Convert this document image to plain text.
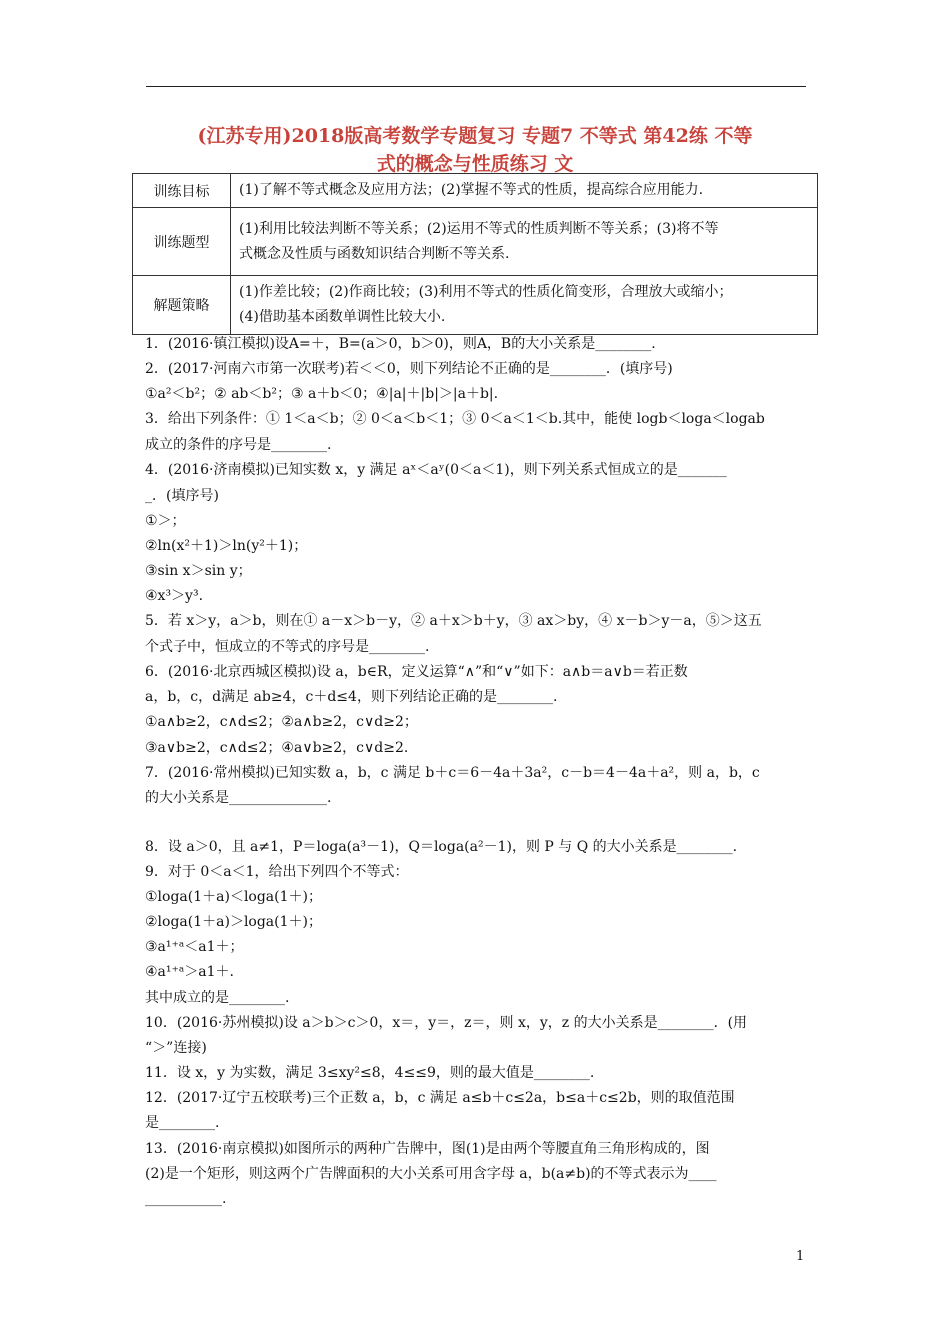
(江苏专用)2018版高考数学专题复习 专题7 不等式 第42练 不等
式的概念与性质练习 文
训练目标	(1)了解不等式概念及应用方法；(2)掌握不等式的性质，提高综合应用能力.

训练题型	(1)利用比较法判断不等关系；(2)运用不等式的性质判断不等关系；(3)将不等
式概念及性质与函数知识结合判断不等关系.

解题策略	(1)作差比较；(2)作商比较；(3)利用不等式的性质化简变形，合理放大或缩小；
(4)借助基本函数单调性比较大小.
1．(2016·镇江模拟)设A=＋，B=(a＞0，b＞0)，则A，B的大小关系是________.
2．(2017·河南六市第一次联考)若＜＜0，则下列结论不正确的是________．(填序号)
①a²＜b²；② ab＜b²；③ a＋b＜0；④|a|＋|b|＞|a＋b|.
3．给出下列条件：① 1＜a＜b；② 0＜a＜b＜1；③ 0＜a＜1＜b.其中，能使 logb＜loga＜logab
成立的条件的序号是________.
4．(2016·济南模拟)已知实数 x，y 满足 aˣ＜aʸ(0＜a＜1)，则下列关系式恒成立的是_______
_．(填序号)
①＞；
②ln(x²＋1)＞ln(y²＋1)；
③sin x＞sin y；
④x³＞y³.
5．若 x＞y，a＞b，则在① a－x＞b－y，② a＋x＞b＋y，③ ax＞by，④ x－b＞y－a，⑤＞这五
个式子中，恒成立的不等式的序号是________.
6．(2016·北京西城区模拟)设 a，b∈R，定义运算“∧”和“∨”如下：a∧b＝a∨b＝若正数
a，b，c，d满足 ab≥4，c＋d≤4，则下列结论正确的是________.
①a∧b≥2，c∧d≤2；②a∧b≥2，c∨d≥2；
③a∨b≥2，c∧d≤2；④a∨b≥2，c∨d≥2.
7．(2016·常州模拟)已知实数 a，b，c 满足 b＋c＝6－4a＋3a²，c－b＝4－4a＋a²，则 a，b，c
的大小关系是______________.
8．设 a＞0，且 a≠1，P＝loga(a³－1)，Q＝loga(a²－1)，则 P 与 Q 的大小关系是________.
9．对于 0＜a＜1，给出下列四个不等式：
①loga(1＋a)＜loga(1＋)；
②loga(1＋a)＞loga(1＋)；
③a¹⁺ᵃ＜a1＋；
④a¹⁺ᵃ＞a1＋.
其中成立的是________.
10．(2016·苏州模拟)设 a＞b＞c＞0，x＝，y＝，z＝，则 x，y，z 的大小关系是________．(用
“＞”连接)
11．设 x，y 为实数，满足 3≤xy²≤8，4≤≤9，则的最大值是________.
12．(2017·辽宁五校联考)三个正数 a，b，c 满足 a≤b＋c≤2a，b≤a＋c≤2b，则的取值范围
是________.
13．(2016·南京模拟)如图所示的两种广告牌中，图(1)是由两个等腰直角三角形构成的，图
(2)是一个矩形，则这两个广告牌面积的大小关系可用含字母 a，b(a≠b)的不等式表示为____
___________.
1
